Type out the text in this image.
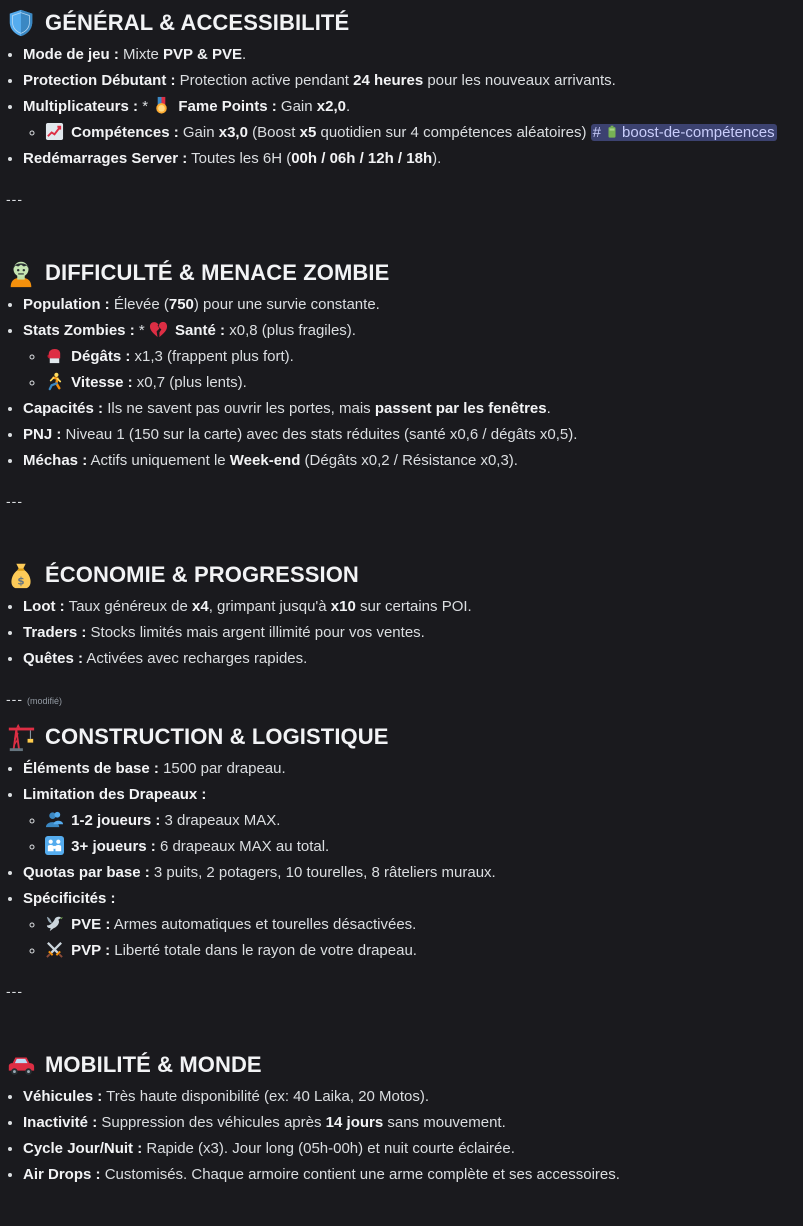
GÉNÉRAL & ACCESSIBILITÉ
• Mode de jeu : Mixte PVP & PVE.
• Protection Débutant : Protection active pendant 24 heures pour les nouveaux arrivants.
• Multiplicateurs : * Fame Points : Gain x2,0.
◦ Compétences : Gain x3,0 (Boost x5 quotidien sur 4 compétences aléatoires) # boost-de-compétences
• Redémarrages Server : Toutes les 6H (00h / 06h / 12h / 18h).
---
DIFFICULTÉ & MENACE ZOMBIE
• Population : Élevée (750) pour une survie constante.
• Stats Zombies : * Santé : x0,8 (plus fragiles).
◦ Dégâts : x1,3 (frappent plus fort).
◦ Vitesse : x0,7 (plus lents).
• Capacités : Ils ne savent pas ouvrir les portes, mais passent par les fenêtres.
• PNJ : Niveau 1 (150 sur la carte) avec des stats réduites (santé x0,6 / dégâts x0,5).
• Méchas : Actifs uniquement le Week-end (Dégâts x0,2 / Résistance x0,3).
---
$ ÉCONOMIE & PROGRESSION
• Loot : Taux généreux de x4, grimpant jusqu'à x10 sur certains POI.
• Traders : Stocks limités mais argent illimité pour vos ventes.
• Quêtes : Activées avec recharges rapides.
--- (modifié)
CONSTRUCTION & LOGISTIQUE
• Éléments de base : 1500 par drapeau.
• Limitation des Drapeaux :
◦ 1-2 joueurs : 3 drapeaux MAX.
◦ 3+ joueurs : 6 drapeaux MAX au total.
• Quotas par base : 3 puits, 2 potagers, 10 tourelles, 8 râteliers muraux.
• Spécificités :
◦ PVE : Armes automatiques et tourelles désactivées.
◦ PVP : Liberté totale dans le rayon de votre drapeau.
---
MOBILITÉ & MONDE
• Véhicules : Très haute disponibilité (ex: 40 Laika, 20 Motos).
• Inactivité : Suppression des véhicules après 14 jours sans mouvement.
• Cycle Jour/Nuit : Rapide (x3). Jour long (05h-00h) et nuit courte éclairée.
• Air Drops : Customisés. Chaque armoire contient une arme complète et ses accessoires.
